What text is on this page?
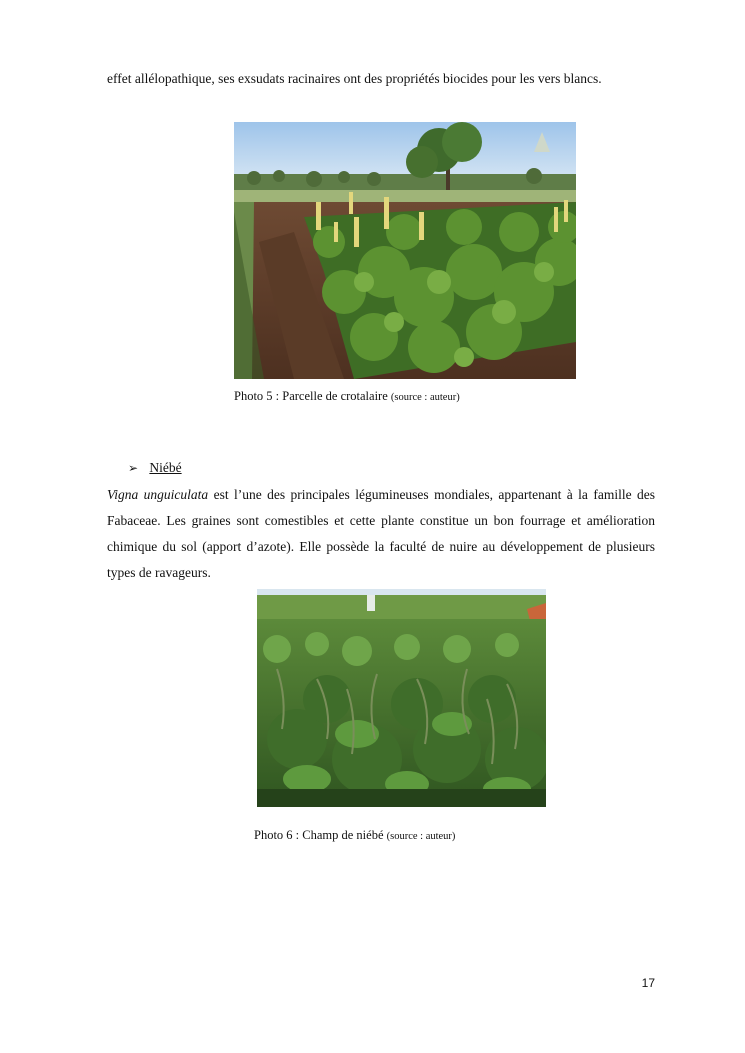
effet allélopathique, ses exsudats racinaires ont des propriétés biocides pour les vers blancs.

Photo 5 : Parcelle de crotalaire (source : auteur)
➢ Niébé

Vigna unguiculata est l’une des principales légumineuses mondiales, appartenant à la famille des Fabaceae. Les graines sont comestibles et cette plante constitue un bon fourrage et amélioration chimique du sol (apport d’azote). Elle possède la faculté de nuire au développement de plusieurs types de ravageurs.

Photo 6 : Champ de niébé (source : auteur)
17
